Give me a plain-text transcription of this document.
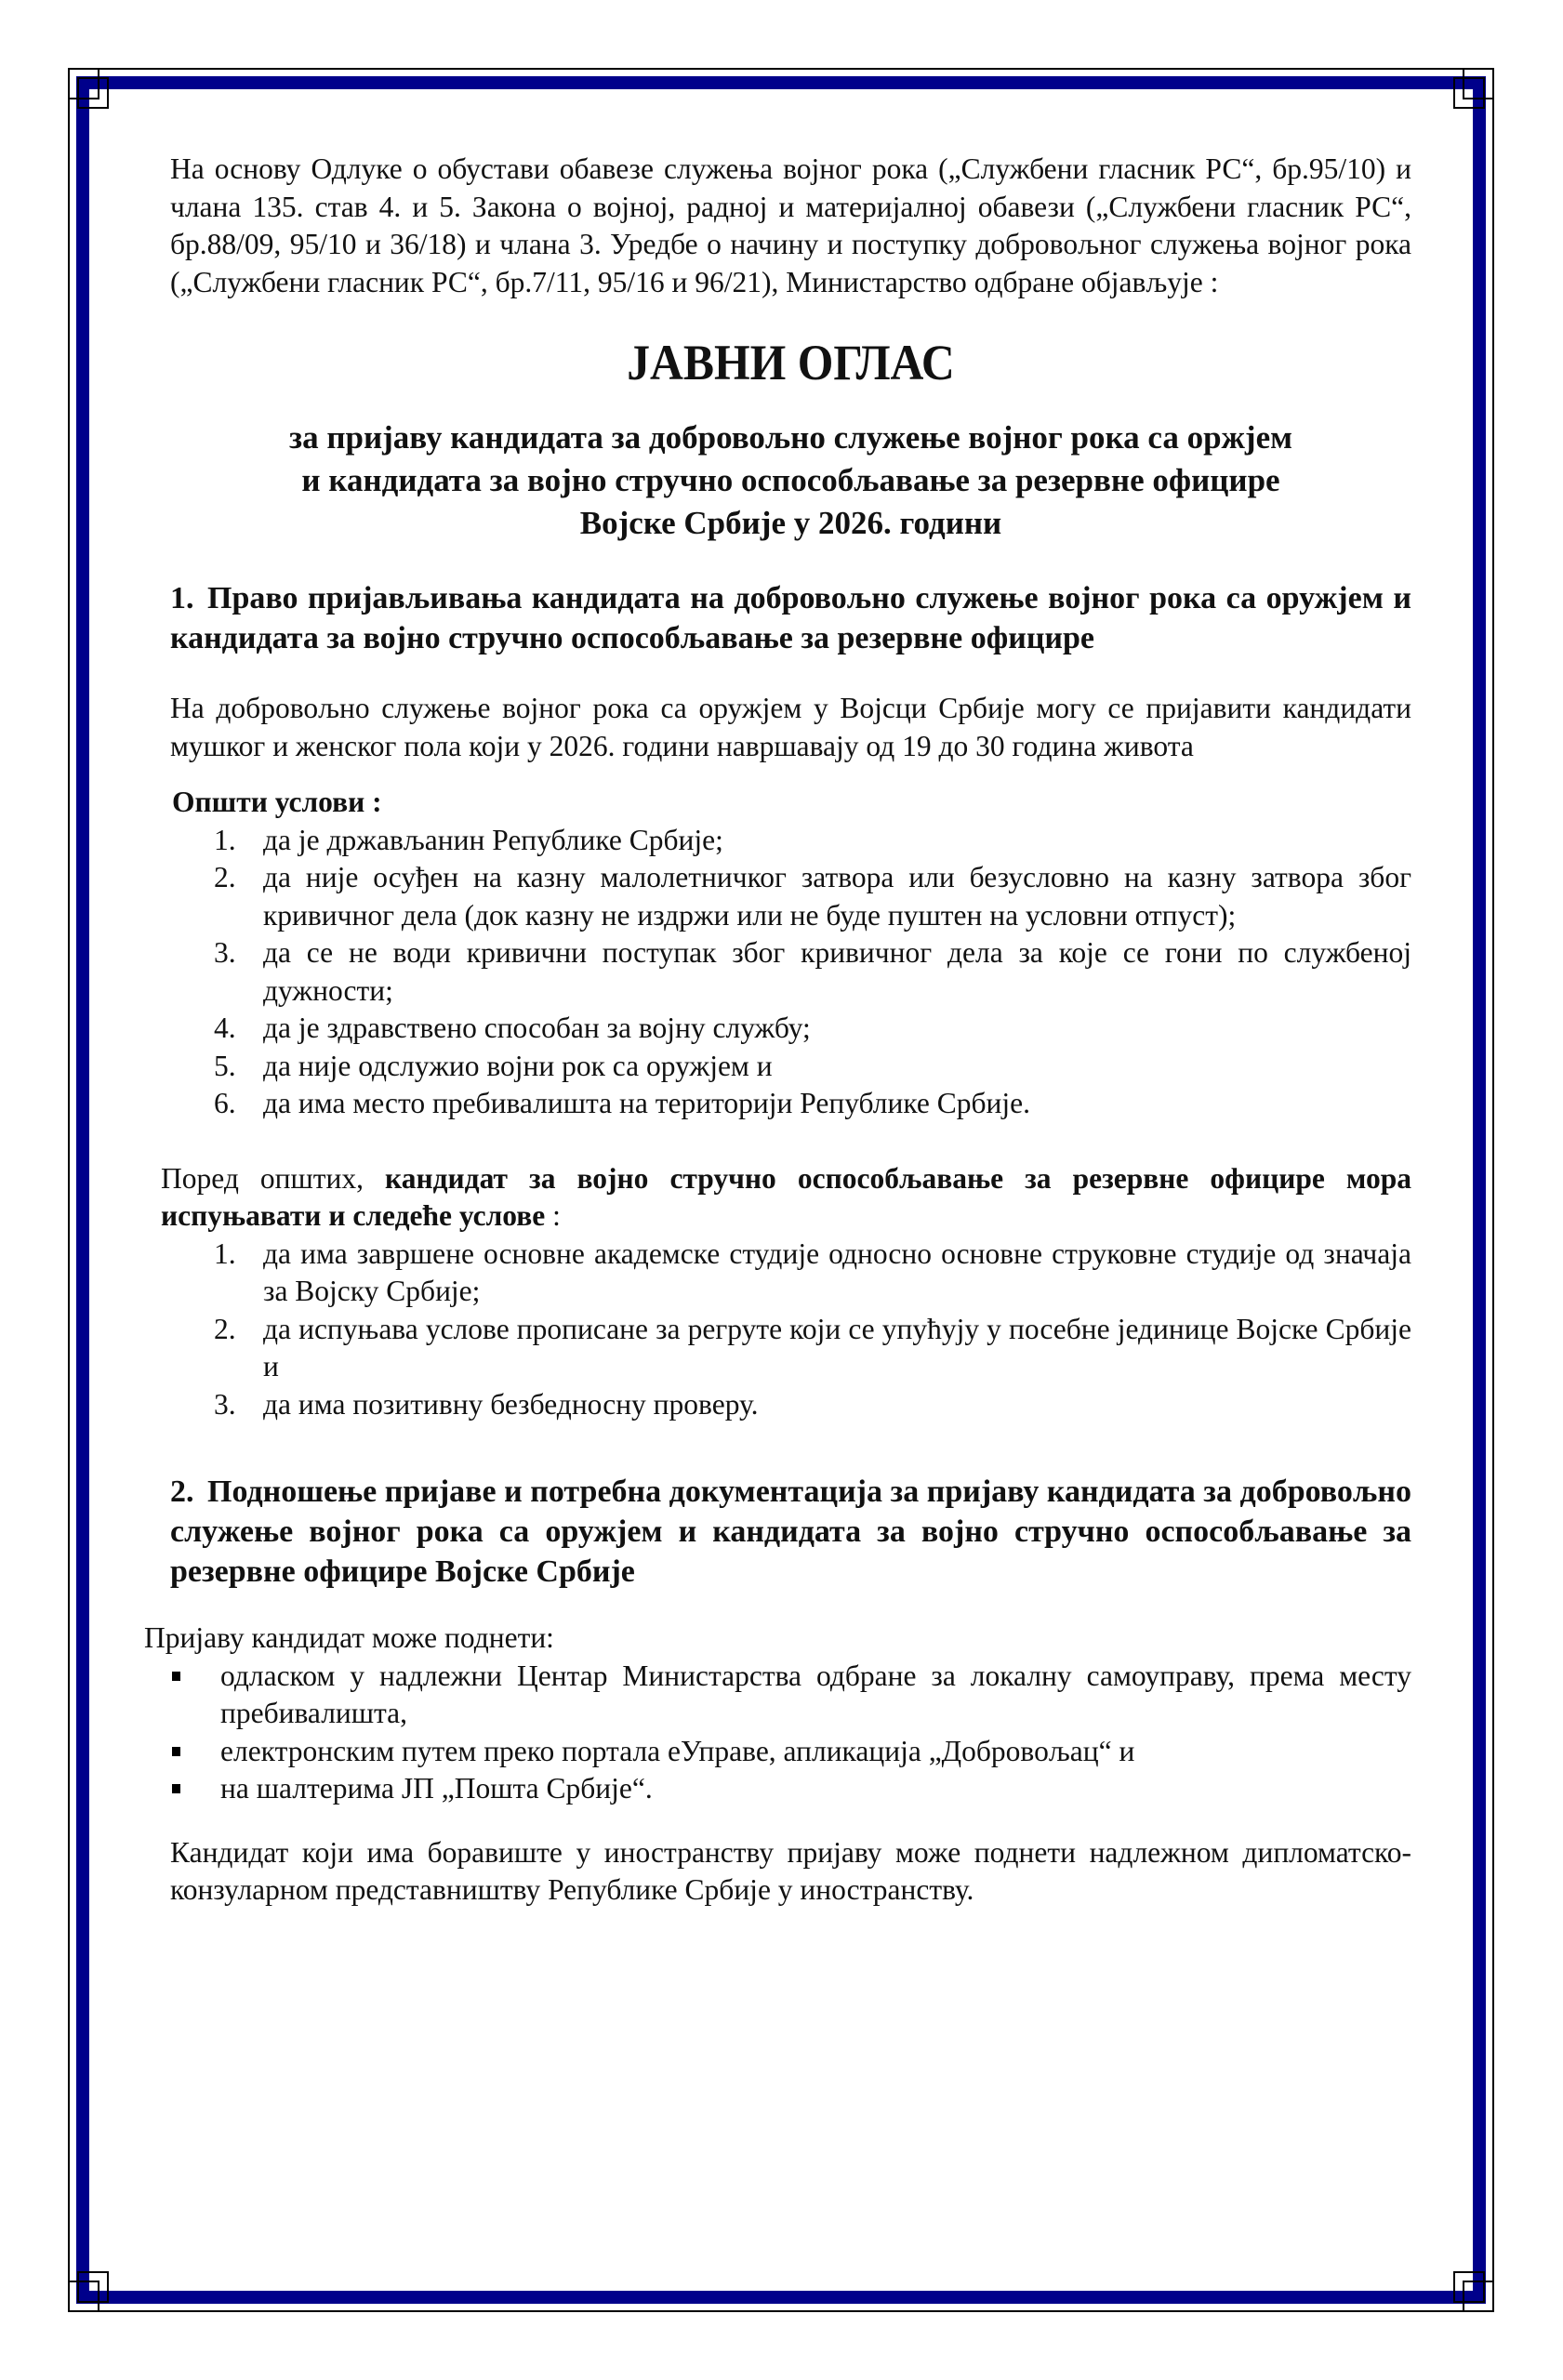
На основу Одлуке о обустави обавезе служења војног рока („Службени гласник РС“, бр.95/10) и члана 135. став 4. и 5. Закона о војној, радној и материјалној обавези („Службени гласник РС“, бр.88/09, 95/10 и 36/18) и члана 3. Уредбе о начину и поступку добровољног служења војног рока („Службени гласник РС“, бр.7/11, 95/16 и 96/21), Министарство одбране објављује :

ЈАВНИ ОГЛАС
за пријаву кандидата за добровољно служење војног рока са оржјем
и кандидата за војно стручно оспособљавање за резервне официре
Војске Србије у 2026. години
1. Право пријављивања кандидата на добровољно служење војног рока са оружјем и кандидата за војно стручно оспособљавање за резервне официре

На добровољно служење војног рока са оружјем у Војсци Србије могу се пријавити кандидати мушког и женског пола који у 2026. години навршавају од 19 до 30 година живота

Општи услови :
1. да је држављанин Републике Србије;
2. да није осуђен на казну малолетничког затвора или безусловно на казну затвора због кривичног дела (док казну не издржи или не буде пуштен на условни отпуст);
3. да се не води кривични поступак због кривичног дела за које се гони по службеној дужности;
4. да је здравствено способан за војну службу;
5. да није одслужио војни рок са оружјем и
6. да има место пребивалишта на територији Републике Србије.

Поред општих, кандидат за војно стручно оспособљавање за резервне официре мора испуњавати и следеће услове :

1. да има завршене основне академске студије односно основне струковне студије од значаја за Војску Србије;
2. да испуњава услове прописане за регруте који се упућују у посебне јединице Војске Србије и
3. да има позитивну безбедносну проверу.
2. Подношење пријаве и потребна документација за пријаву кандидата за добровољно служење војног рока са оружјем и кандидата за војно стручно оспособљавање за резервне официре Војске Србије

Пријаву кандидат може поднети:

одласком у надлежни Центар Министарства одбране за локалну самоуправу, према месту пребивалишта,
електронским путем преко портала еУправе, апликација „Добровољац“ и
на шалтерима ЈП „Пошта Србије“.

Кандидат који има боравиште у иностранству пријаву може поднети надлежном дипломатско-конзуларном представништву Републике Србије у иностранству.
